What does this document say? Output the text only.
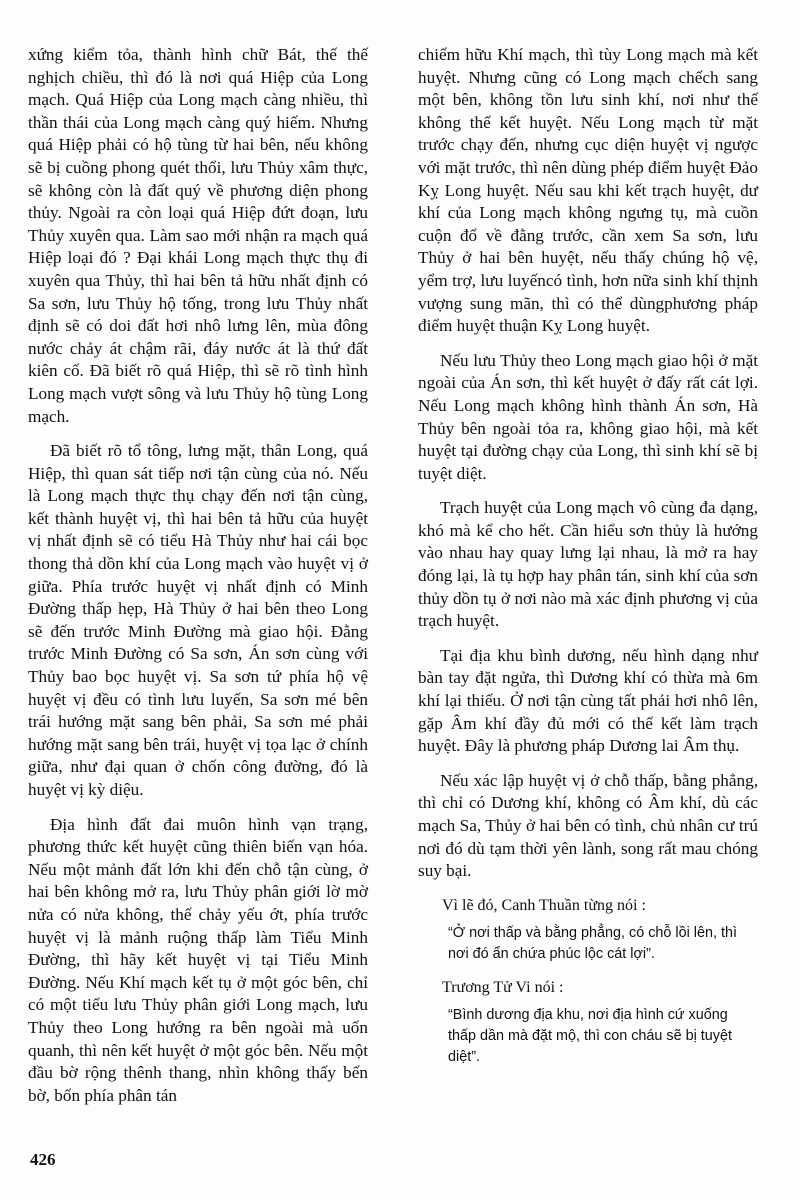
xứng kiểm tỏa, thành hình chữ Bát, thế thế nghịch chiều, thì đó là nơi quá Hiệp của Long mạch. Quá Hiệp của Long mạch càng nhiều, thì thần thái của Long mạch càng quý hiếm. Nhưng quá Hiệp phải có hộ tùng từ hai bên, nếu không sẽ bị cuồng phong quét thổi, lưu Thủy xâm thực, sẽ không còn là đất quý về phương diện phong thủy. Ngoài ra còn loại quá Hiệp đứt đoạn, lưu Thủy xuyên qua. Làm sao mới nhận ra mạch quá Hiệp loại đó ? Đại khái Long mạch thực thụ đi xuyên qua Thủy, thì hai bên tả hữu nhất định có Sa sơn, lưu Thủy hộ tống, trong lưu Thủy nhất định sẽ có doi đất hơi nhô lưng lên, mùa đông nước chảy át chậm rãi, đáy nước át là thứ đất kiên cố. Đã biết rõ quá Hiệp, thì sẽ rõ tình hình Long mạch vượt sông và lưu Thủy hộ tùng Long mạch.

Đã biết rõ tổ tông, lưng mặt, thân Long, quá Hiệp, thì quan sát tiếp nơi tận cùng của nó. Nếu là Long mạch thực thụ chạy đến nơi tận cùng, kết thành huyệt vị, thì hai bên tả hữu của huyệt vị nhất định sẽ có tiểu Hà Thủy như hai cái bọc thong thả dồn khí của Long mạch vào huyệt vị ở giữa. Phía trước huyệt vị nhất định có Minh Đường thấp hẹp, Hà Thủy ở hai bên theo Long sẽ đến trước Minh Đường mà giao hội. Đằng trước Minh Đường có Sa sơn, Án sơn cùng với Thủy bao bọc huyệt vị. Sa sơn tứ phía hộ vệ huyệt vị đều có tình lưu luyến, Sa sơn mé bên trái hướng mặt sang bên phải, Sa sơn mé phải hướng mặt sang bên trái, huyệt vị tọa lạc ở chính giữa, như đại quan ở chốn công đường, đó là huyệt vị kỳ diệu.

Địa hình đất đai muôn hình vạn trạng, phương thức kết huyệt cũng thiên biến vạn hóa. Nếu một mảnh đất lớn khi đến chỗ tận cùng, ở hai bên không mở ra, lưu Thủy phân giới lờ mờ nửa có nửa không, thế chảy yếu ớt, phía trước huyệt vị là mảnh ruộng thấp làm Tiểu Minh Đường, thì hãy kết huyệt vị tại Tiểu Minh Đường. Nếu Khí mạch kết tụ ở một góc bên, chỉ có một tiểu lưu Thủy phân giới Long mạch, lưu Thủy theo Long hướng ra bên ngoài mà uốn quanh, thì nên kết huyệt ở một góc bên. Nếu một đầu bờ rộng thênh thang, nhìn không thấy bến bờ, bốn phía phân tán

chiếm hữu Khí mạch, thì tùy Long mạch mà kết huyệt. Nhưng cũng có Long mạch chếch sang một bên, không tồn lưu sinh khí, nơi như thế không thể kết huyệt. Nếu Long mạch từ mặt trước chạy đến, nhưng cục diện huyệt vị ngược với mặt trước, thì nên dùng phép điểm huyệt Đảo Kỵ Long huyệt. Nếu sau khi kết trạch huyệt, dư khí của Long mạch không ngưng tụ, mà cuồn cuộn đổ về đằng trước, cần xem Sa sơn, lưu Thủy ở hai bên huyệt, nếu thấy chúng hộ vệ, yểm trợ, lưu luyếncó tình, hơn nữa sinh khí thịnh vượng sung mãn, thì có thể dùngphương pháp điểm huyệt thuận Kỵ Long huyệt.

Nếu lưu Thủy theo Long mạch giao hội ở mặt ngoài của Án sơn, thì kết huyệt ở đấy rất cát lợi. Nếu Long mạch không hình thành Án sơn, Hà Thủy bên ngoài tỏa ra, không giao hội, mà kết huyệt tại đường chạy của Long, thì sinh khí sẽ bị tuyệt diệt.

Trạch huyệt của Long mạch vô cùng đa dạng, khó mà kể cho hết. Cần hiểu sơn thủy là hướng vào nhau hay quay lưng lại nhau, là mở ra hay đóng lại, là tụ hợp hay phân tán, sinh khí của sơn thủy dồn tụ ở nơi nào mà xác định phương vị của trạch huyệt.

Tại địa khu bình dương, nếu hình dạng như bàn tay đặt ngửa, thì Dương khí có thừa mà 6m khí lại thiếu. Ở nơi tận cùng tất phải hơi nhô lên, gặp Âm khí đầy đủ mới có thể kết làm trạch huyệt. Đây là phương pháp Dương lai Âm thụ.

Nếu xác lập huyệt vị ở chỗ thấp, bằng phẳng, thì chỉ có Dương khí, không có Âm khí, dù các mạch Sa, Thủy ở hai bên có tình, chủ nhân cư trú nơi đó dù tạm thời yên lành, song rất mau chóng suy bại.

Vì lẽ đó, Canh Thuần từng nói :

“Ở nơi thấp và bằng phẳng, có chỗ lồi lên, thì nơi đó ẩn chứa phúc lộc cát lợi”.

Trương Tử Vi nói :

“Bình dương địa khu, nơi địa hình cứ xuống thấp dần mà đặt mộ, thì con cháu sẽ bị tuyệt diệt”.

426
